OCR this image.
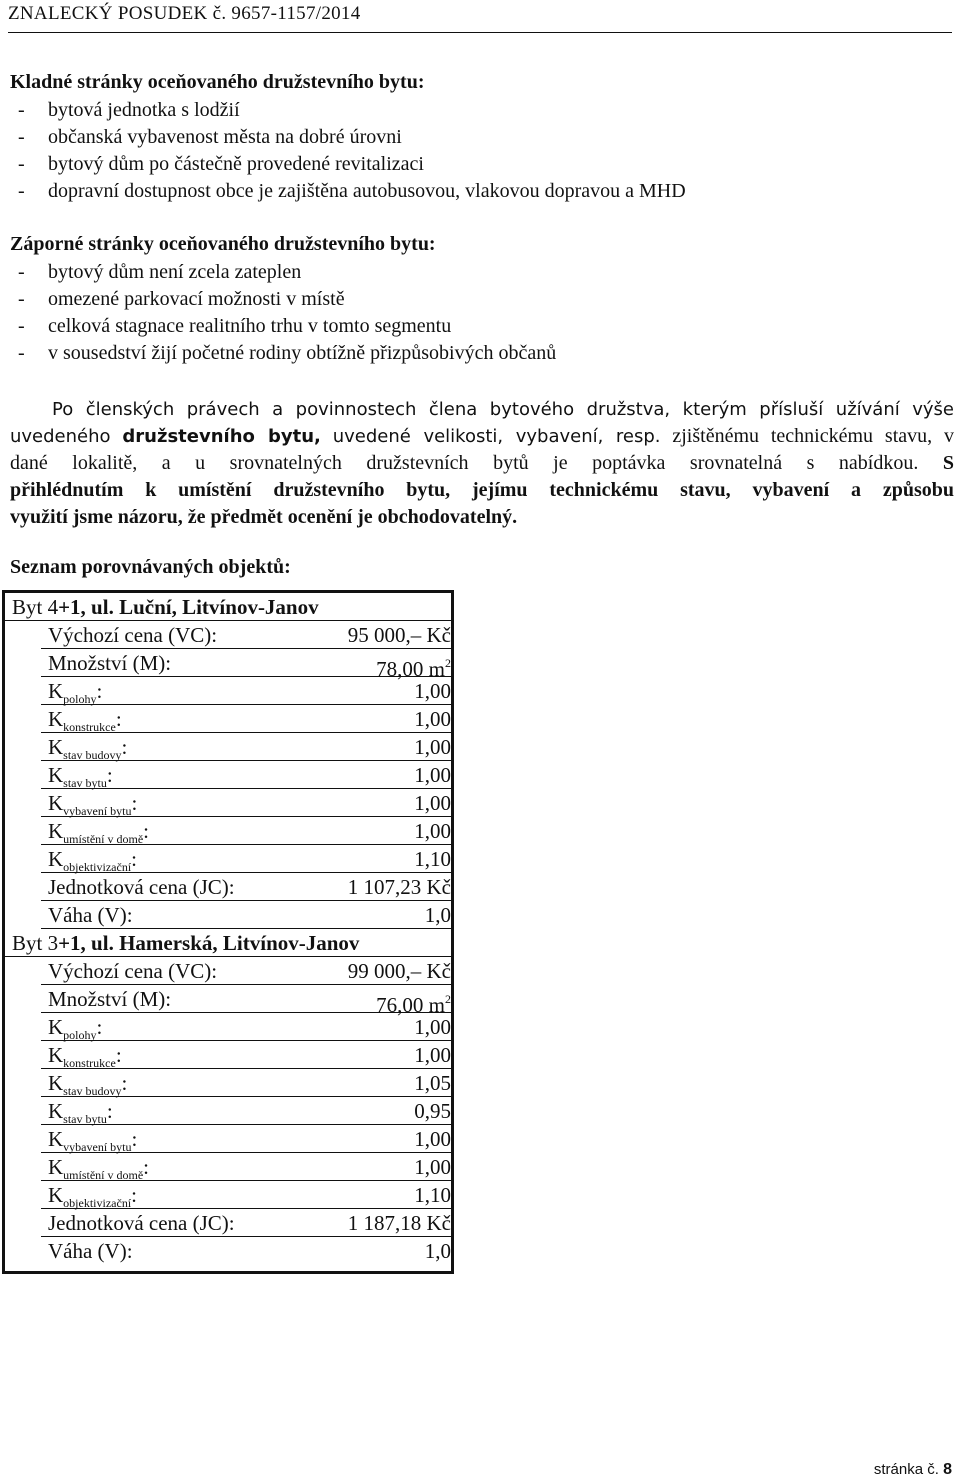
ZNALECKÝ POSUDEK č. 9657-1157/2014
Kladné stránky oceňovaného družstevního bytu:
- bytová jednotka s lodžií
- občanská vybavenost města na dobré úrovni
- bytový dům po částečně provedené revitalizaci
- dopravní dostupnost obce je zajištěna autobusovou, vlakovou dopravou a MHD
Záporné stránky oceňovaného družstevního bytu:
- bytový dům není zcela zateplen
- omezené parkovací možnosti v místě
- celková stagnace realitního trhu v tomto segmentu
- v sousedství žijí početné rodiny obtížně přizpůsobivých občanů
Po členských právech a povinnostech člena bytového družstva, kterým přísluší užívání výše
uvedeného družstevního bytu, uvedené velikosti, vybavení, resp. zjištěnému technickému stavu, v
dané lokalitě, a u srovnatelných družstevních bytů je poptávka srovnatelná s nabídkou. S
přihlédnutím k umístění družstevního bytu, jejímu technickému stavu, vybavení a způsobu
využití jsme názoru, že předmět ocenění je obchodovatelný.
Seznam porovnávaných objektů:
Byt 4+1, ul. Luční, Litvínov-Janov
Výchozí cena (VC):	95 000,– Kč
Množství (M):	78,00 $m^2$
$K_{polohy}$:	1,00
$K_{konstrukce}$:	1,00
$K_{stav budovy}$:	1,00
$K_{stav bytu}$:	1,00
$K_{vybavení bytu}$:	1,00
$K_{umístění v domě}$:	1,00
$K_{objektivizační}$:	1,10
Jednotková cena (JC):	1 107,23 Kč
Váha (V):	1,0
Byt 3+1, ul. Hamerská, Litvínov-Janov
Výchozí cena (VC):	99 000,– Kč
Množství (M):	76,00 $m^2$
$K_{polohy}$:	1,00
$K_{konstrukce}$:	1,00
$K_{stav budovy}$:	1,05
$K_{stav bytu}$:	0,95
$K_{vybavení bytu}$:	1,00
$K_{umístění v domě}$:	1,00
$K_{objektivizační}$:	1,10
Jednotková cena (JC):	1 187,18 Kč
Váha (V):	1,0
stránka č. 8
